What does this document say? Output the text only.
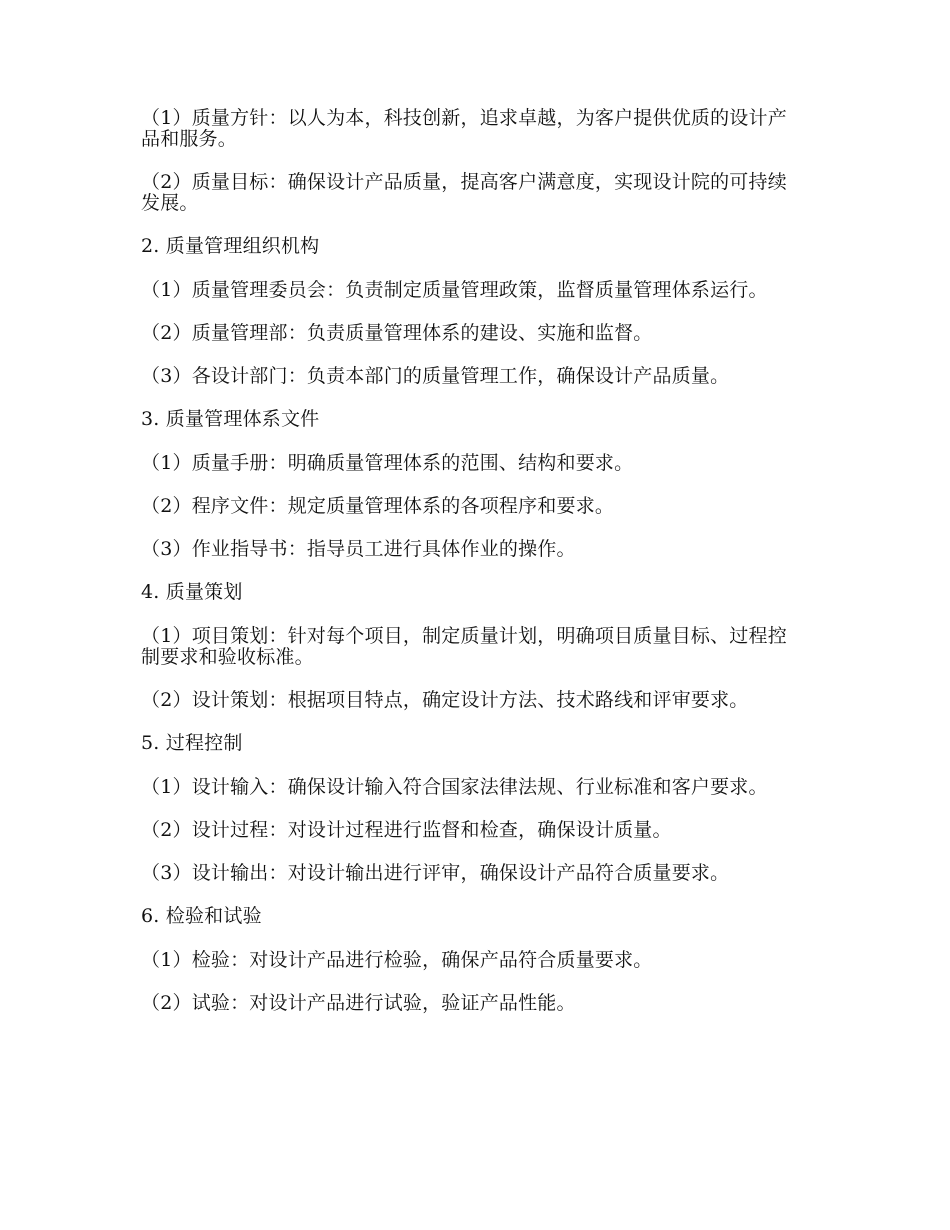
（1）质量方针：以人为本，科技创新，追求卓越，为客户提供优质的设计产品和服务。

（2）质量目标：确保设计产品质量，提高客户满意度，实现设计院的可持续发展。

2. 质量管理组织机构

（1）质量管理委员会：负责制定质量管理政策，监督质量管理体系运行。

（2）质量管理部：负责质量管理体系的建设、实施和监督。

（3）各设计部门：负责本部门的质量管理工作，确保设计产品质量。

3. 质量管理体系文件

（1）质量手册：明确质量管理体系的范围、结构和要求。

（2）程序文件：规定质量管理体系的各项程序和要求。

（3）作业指导书：指导员工进行具体作业的操作。

4. 质量策划

（1）项目策划：针对每个项目，制定质量计划，明确项目质量目标、过程控制要求和验收标准。

（2）设计策划：根据项目特点，确定设计方法、技术路线和评审要求。

5. 过程控制

（1）设计输入：确保设计输入符合国家法律法规、行业标准和客户要求。

（2）设计过程：对设计过程进行监督和检查，确保设计质量。

（3）设计输出：对设计输出进行评审，确保设计产品符合质量要求。

6. 检验和试验

（1）检验：对设计产品进行检验，确保产品符合质量要求。

（2）试验：对设计产品进行试验，验证产品性能。
